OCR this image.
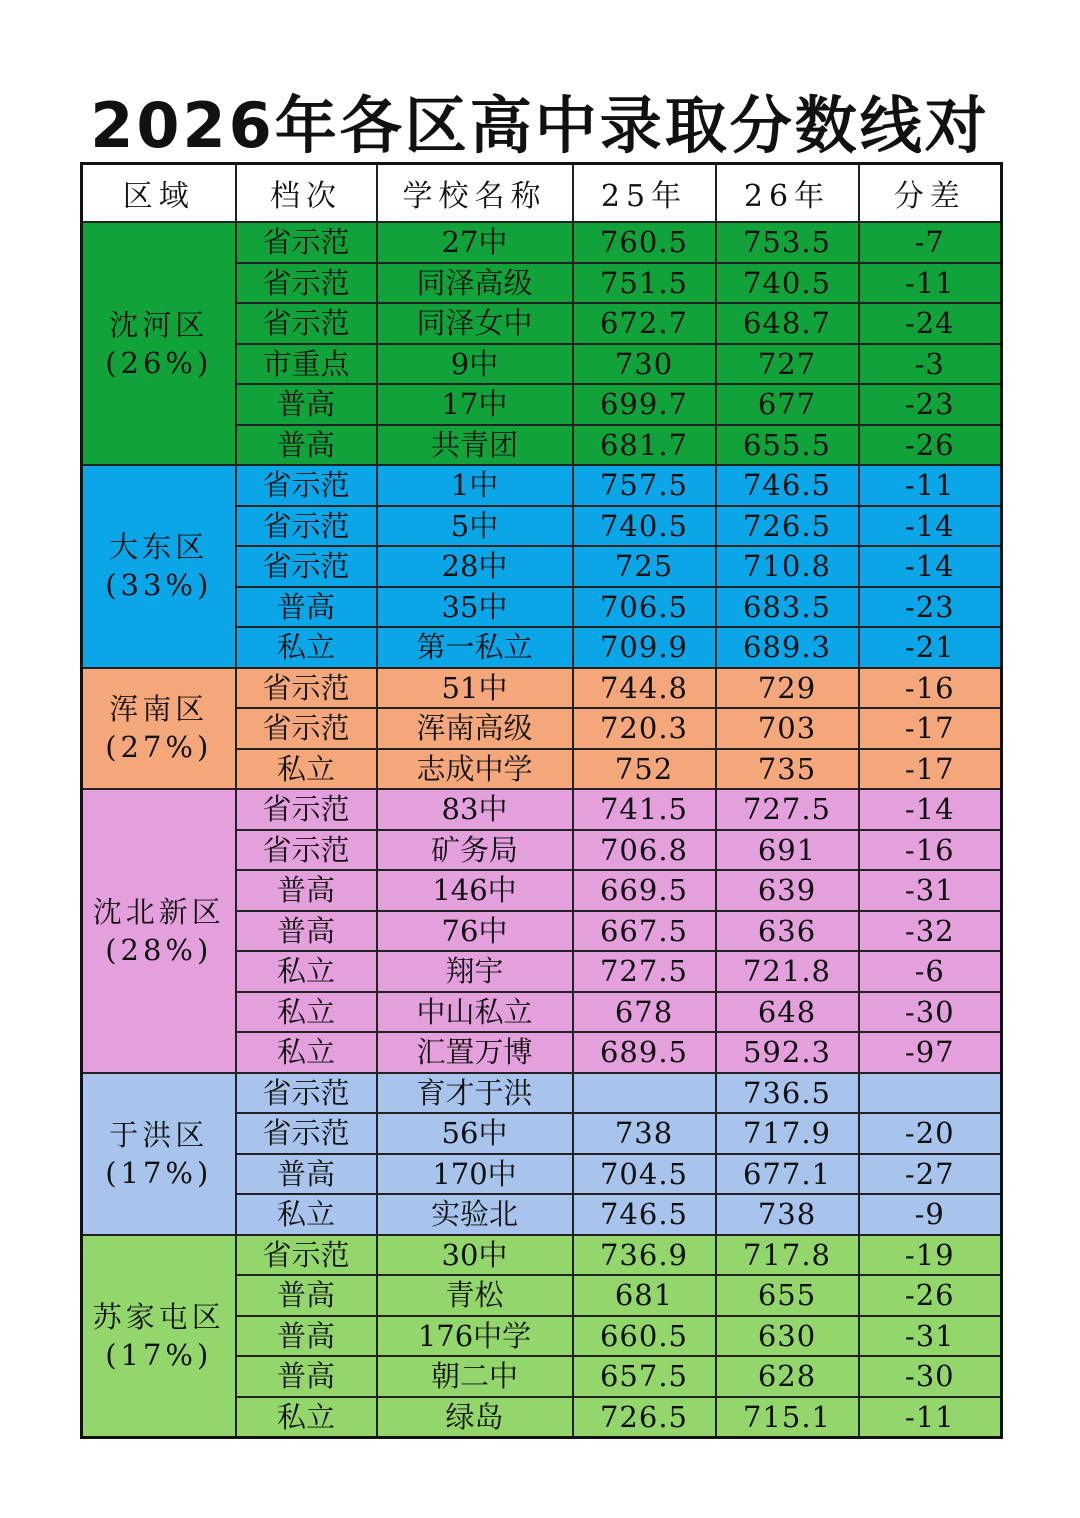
2026年各区高中录取分数线对
区域	档次	学校名称	25年	26年	分差

沈河区
(26%)	省示范	27中	760.5	753.5	-7
	省示范	同泽高级	751.5	740.5	-11
	省示范	同泽女中	672.7	648.7	-24
	市重点	9中	730	727	-3
	普高	17中	699.7	677	-23
	普高	共青团	681.7	655.5	-26

大东区
(33%)	省示范	1中	757.5	746.5	-11
	省示范	5中	740.5	726.5	-14
	省示范	28中	725	710.8	-14
	普高	35中	706.5	683.5	-23
	私立	第一私立	709.9	689.3	-21

浑南区
(27%)	省示范	51中	744.8	729	-16
	省示范	浑南高级	720.3	703	-17
	私立	志成中学	752	735	-17

沈北新区
(28%)	省示范	83中	741.5	727.5	-14
	省示范	矿务局	706.8	691	-16
	普高	146中	669.5	639	-31
	普高	76中	667.5	636	-32
	私立	翔宇	727.5	721.8	-6
	私立	中山私立	678	648	-30
	私立	汇置万博	689.5	592.3	-97

于洪区
(17%)	省示范	育才于洪		736.5	
	省示范	56中	738	717.9	-20
	普高	170中	704.5	677.1	-27
	私立	实验北	746.5	738	-9

苏家屯区
(17%)	省示范	30中	736.9	717.8	-19
	普高	青松	681	655	-26
	普高	176中学	660.5	630	-31
	普高	朝二中	657.5	628	-30
	私立	绿岛	726.5	715.1	-11
